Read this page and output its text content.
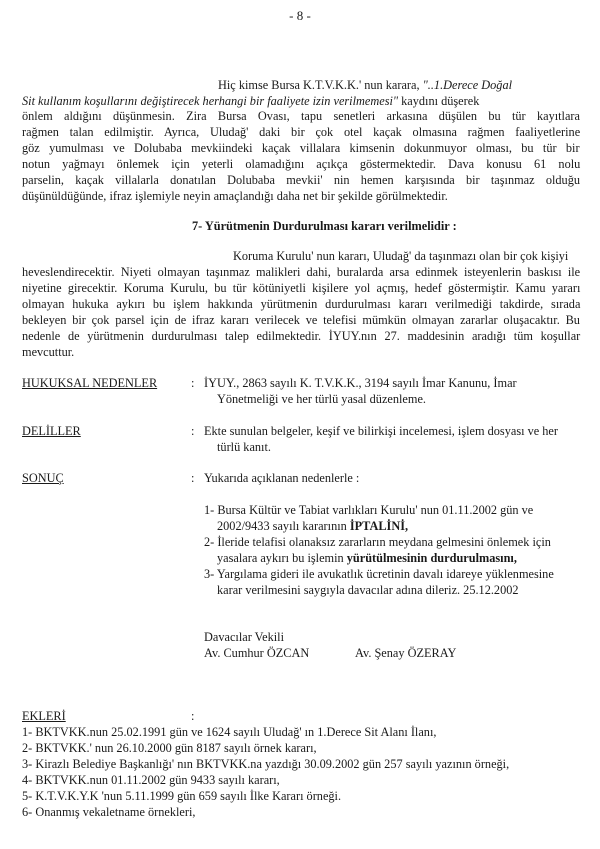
- 8 -
Hiç kimse Bursa K.T.V.K.K.' nun karara, "..1.Derece Doğal
Sit kullanım koşullarını değiştirecek herhangi bir faaliyete izin verilmemesi" kaydını düşerek
önlem aldığını düşünmesin. Zira Bursa Ovası, tapu senetleri arkasına düşülen bu tür kayıtlara
rağmen talan edilmiştir. Ayrıca, Uludağ' daki bir çok otel kaçak olmasına rağmen faaliyetlerine
göz yumulması ve Dolubaba mevkiindeki kaçak villalara kimsenin dokunmuyor olması, bu tür bir
notun yağmayı önlemek için yeterli olamadığını açıkça göstermektedir. Dava konusu 61 nolu
parselin, kaçak villalarla donatılan Dolubaba mevkii' nin hemen karşısında bir taşınmaz olduğu
düşünüldüğünde, ifraz işlemiyle neyin amaçlandığı daha net bir şekilde görülmektedir.
7- Yürütmenin Durdurulması kararı verilmelidir :
Koruma Kurulu' nun kararı, Uludağ' da taşınmazı olan bir çok kişiyi
heveslendirecektir. Niyeti olmayan taşınmaz malikleri dahi, buralarda arsa edinmek isteyenlerin baskısı ile
niyetine girecektir. Koruma Kurulu, bu tür kötüniyetli kişilere yol açmış, hedef göstermiştir. Kamu yararı
olmayan hukuka aykırı bu işlem hakkında yürütmenin durdurulması kararı verilmediği takdirde, sırada
bekleyen bir çok parsel için de ifraz kararı verilecek ve telefisi mümkün olmayan zararlar oluşacaktır. Bu
nedenle de yürütmenin durdurulması talep edilmektedir. İYUY.nın 27. maddesinin aradığı tüm koşullar
mevcuttur.
HUKUKSAL NEDENLER	: İYUY., 2863 sayılı K. T.V.K.K., 3194 sayılı İmar Kanunu, İmar
Yönetmeliği ve her türlü yasal düzenleme.
DELİLLER	: Ekte sunulan belgeler, keşif ve bilirkişi incelemesi, işlem dosyası ve her
türlü kanıt.
SONUÇ	: Yukarıda açıklanan nedenlerle :
1- Bursa Kültür ve Tabiat varlıkları Kurulu' nun 01.11.2002 gün ve
2002/9433 sayılı kararının İPTALİNİ,
2- İleride telafisi olanaksız zararların meydana gelmesini önlemek için
yasalara aykırı bu işlemin yürütülmesinin durdurulmasını,
3- Yargılama gideri ile avukatlık ücretinin davalı idareye yüklenmesine
karar verilmesini saygıyla davacılar adına dileriz. 25.12.2002
Davacılar Vekili
Av. Cumhur ÖZCAN	Av. Şenay ÖZERAY
EKLERİ	:
1- BKTVKK.nun 25.02.1991 gün ve 1624 sayılı Uludağ' ın 1.Derece Sit Alanı İlanı,
2- BKTVKK.' nun 26.10.2000 gün 8187 sayılı örnek kararı,
3- Kirazlı Belediye Başkanlığı' nın BKTVKK.na yazdığı 30.09.2002 gün 257 sayılı yazının örneği,
4- BKTVKK.nun 01.11.2002 gün 9433 sayılı kararı,
5- K.T.V.K.Y.K 'nun 5.11.1999 gün 659 sayılı İlke Kararı örneği.
6- Onanmış vekaletname örnekleri,
